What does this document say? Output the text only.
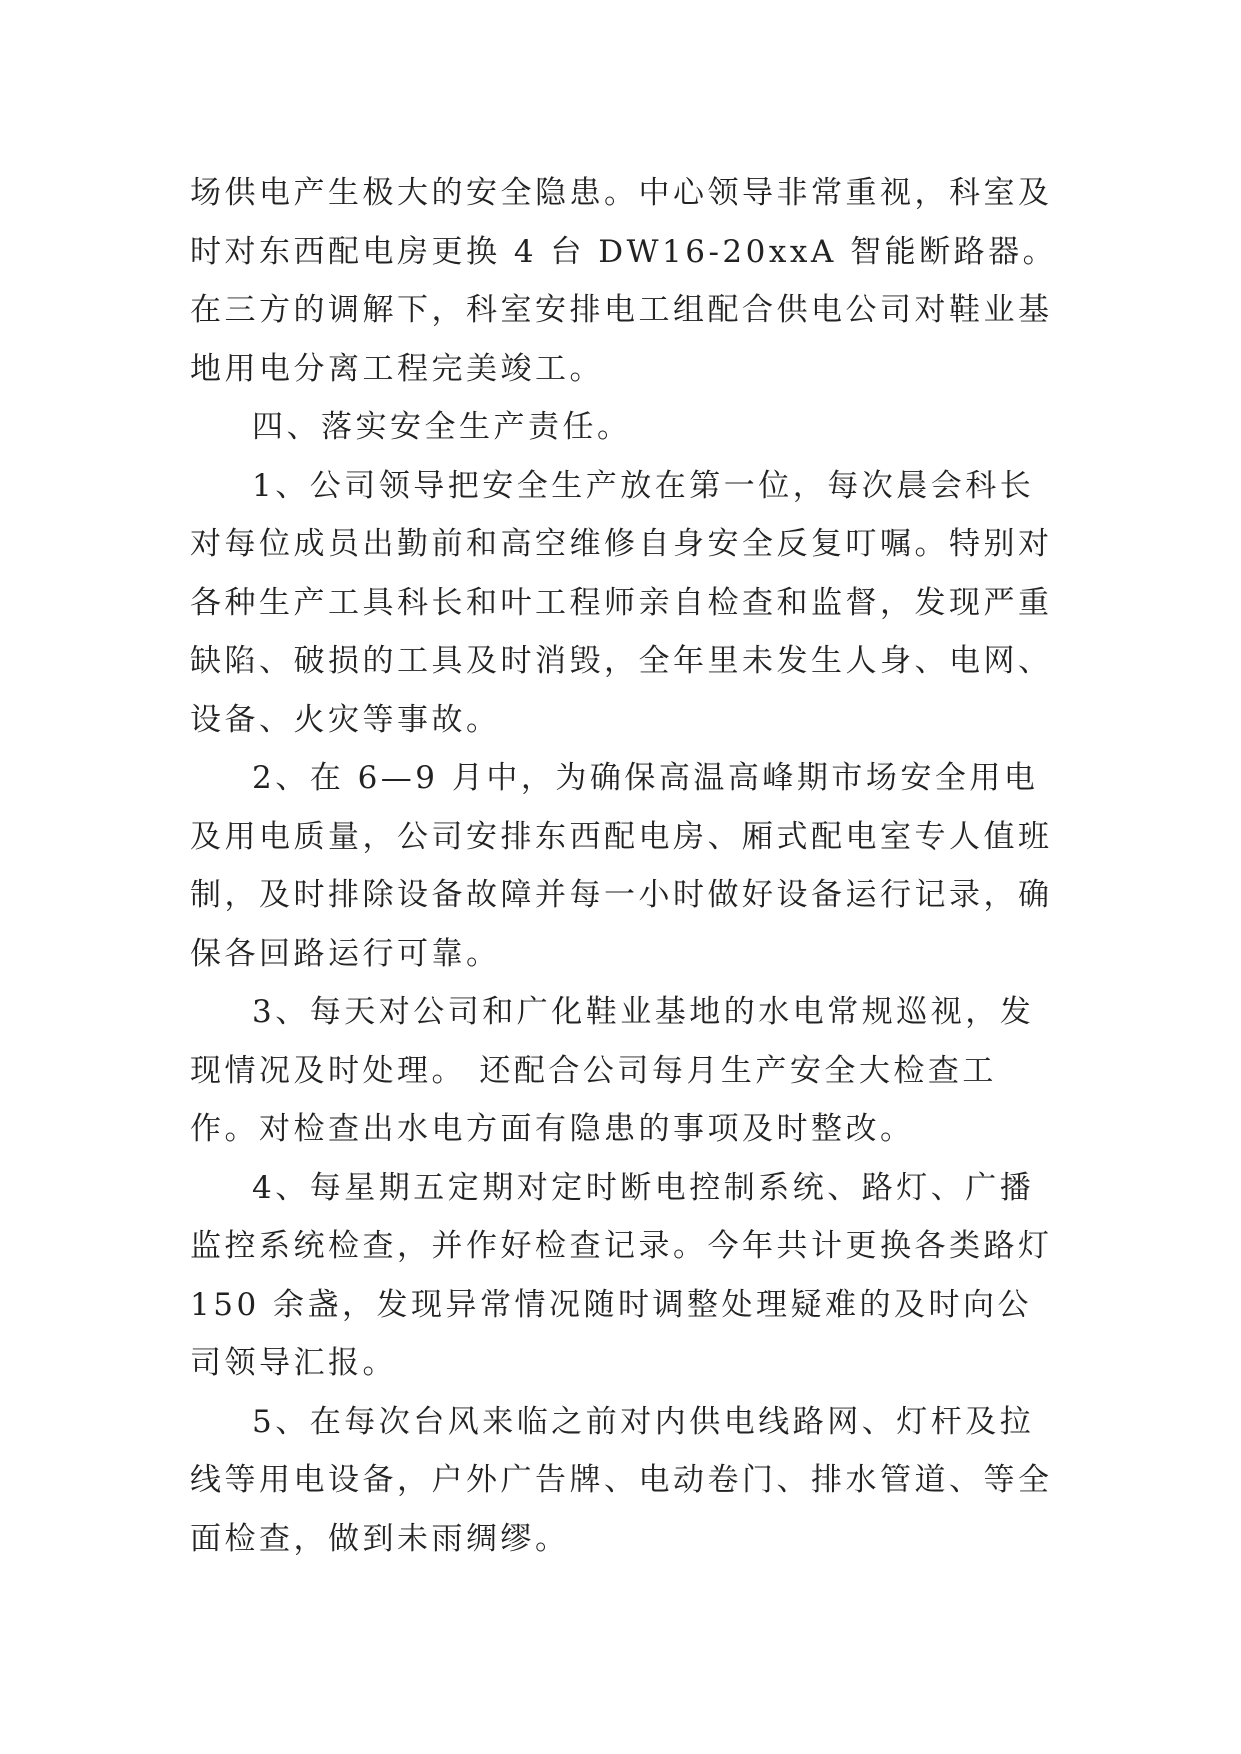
场供电产生极大的安全隐患。中心领导非常重视，科室及时对东西配电房更换 4 台 DW16-20xxA 智能断路器。在三方的调解下，科室安排电工组配合供电公司对鞋业基地用电分离工程完美竣工。

四、落实安全生产责任。

1、公司领导把安全生产放在第一位，每次晨会科长对每位成员出勤前和高空维修自身安全反复叮嘱。特别对各种生产工具科长和叶工程师亲自检查和监督，发现严重缺陷、破损的工具及时消毁，全年里未发生人身、电网、设备、火灾等事故。

2、在 6—9 月中，为确保高温高峰期市场安全用电及用电质量，公司安排东西配电房、厢式配电室专人值班制，及时排除设备故障并每一小时做好设备运行记录，确保各回路运行可靠。

3、每天对公司和广化鞋业基地的水电常规巡视，发现情况及时处理。 还配合公司每月生产安全大检查工作。对检查出水电方面有隐患的事项及时整改。

4、每星期五定期对定时断电控制系统、路灯、广播监控系统检查，并作好检查记录。今年共计更换各类路灯 150 余盏，发现异常情况随时调整处理疑难的及时向公司领导汇报。

5、在每次台风来临之前对内供电线路网、灯杆及拉线等用电设备，户外广告牌、电动卷门、排水管道、等全面检查，做到未雨绸缪。
